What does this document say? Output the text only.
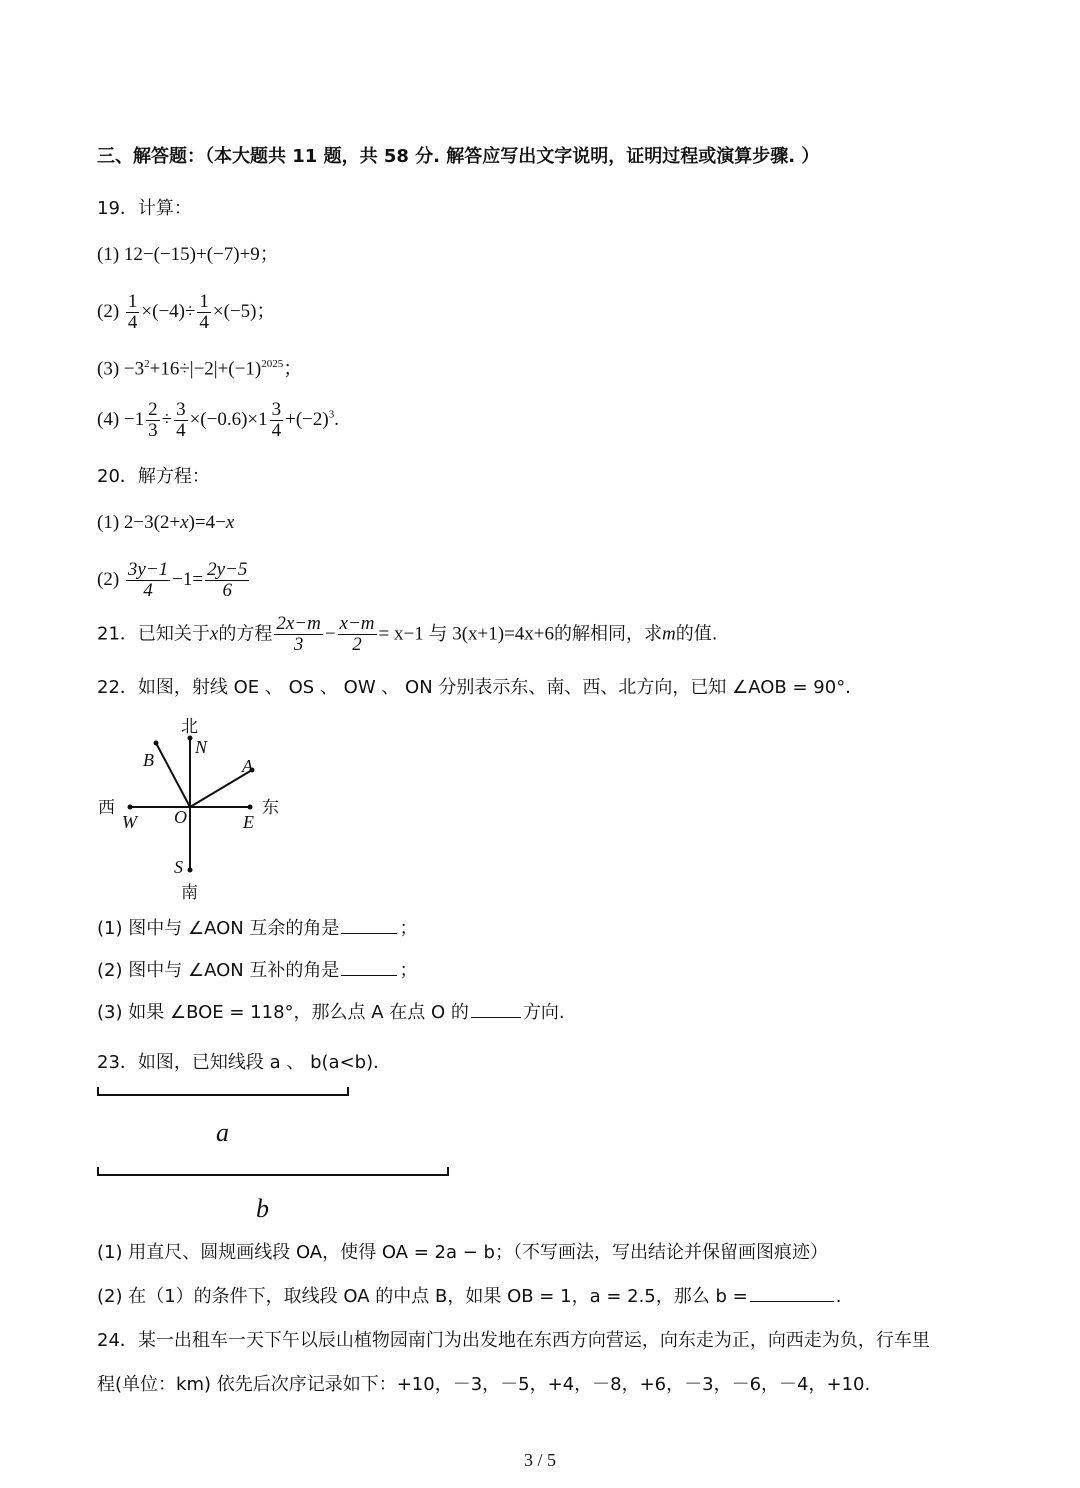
三、解答题：（本大题共 11 题，共 58 分. 解答应写出文字说明，证明过程或演算步骤. ）
19．计算：
(1) 12−(−15)+(−7)+9；
$(2) \frac{1}{4} \times(-4)\div \frac{1}{4} \times(-5)$；
$(3) -3^2+16\div|-2|+(-1)^{2025}$；
$(4) -1 \frac{2}{3} \div \frac{3}{4} \times(-0.6)\times 1 \frac{3}{4} +(-2)^3$.
20．解方程：
(1) 2−3(2+x)=4−x
$(2) \frac{3y-1}{4} -1= \frac{2y-5}{6}$
21．已知关于x的方程 $\frac{2x-m}{3} - \frac{x-m}{2} = x-1$ 与 3(x+1)=4x+6的解相同，求m的值.
22．如图，射线 OE 、 OS 、 OW 、 ON 分别表示东、南、西、北方向，已知 ∠AOB = 90°．
北
南
东
西
N
S
E
W O
A
B
(1) 图中与 ∠AON 互余的角是	；
(2) 图中与 ∠AON 互补的角是	；
(3) 如果 ∠BOE = 118°，那么点 A 在点 O 的	方向.
23．如图，已知线段 a 、 b(a<b)．
a
b
(1) 用直尺、圆规画线段 OA，使得 OA = 2a − b；（不写画法，写出结论并保留画图痕迹）
(2) 在（1）的条件下，取线段 OA 的中点 B，如果 OB = 1，a = 2.5，那么 b =	.
24．某一出租车一天下午以辰山植物园南门为出发地在东西方向营运，向东走为正，向西走为负，行车里
程(单位：km) 依先后次序记录如下：+10，－3，－5，+4，－8，+6，－3，－6，－4，+10.
3 / 5
